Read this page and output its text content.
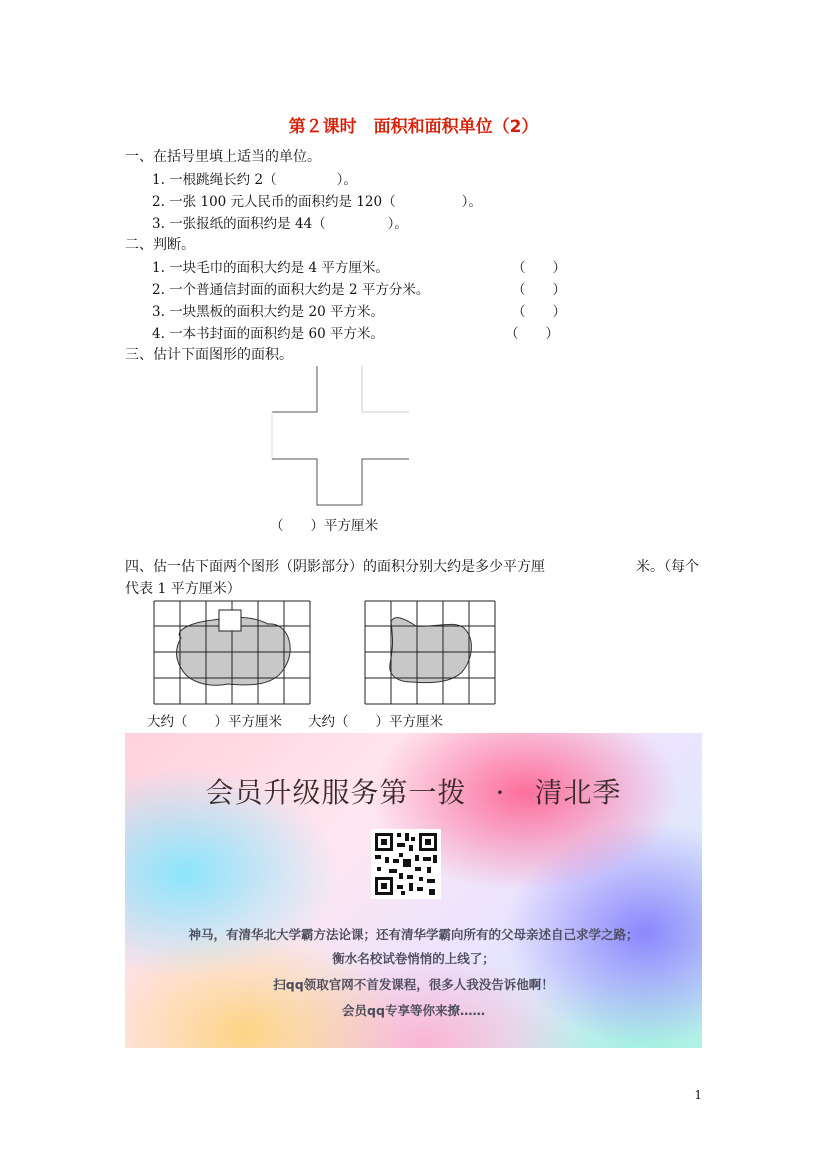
第２课时　面积和面积单位（2）
一、在括号里填上适当的单位。
1. 一根跳绳长约 2（	）。
2. 一张 100 元人民币的面积约是 120（	）。
3. 一张报纸的面积约是 44（	）。
二、判断。
1. 一块毛巾的面积大约是 4 平方厘米。	（　　）
2. 一个普通信封面的面积大约是 2 平方分米。	（　　）
3. 一块黑板的面积大约是 20 平方米。	（　　）
4. 一本书封面的面积约是 60 平方米。	（　　）
三、估计下面图形的面积。
（　　）平方厘米
四、估一估下面两个图形（阴影部分）的面积分别大约是多少平方厘	米。（每个
代表 1 平方厘米）
大约（　　）平方厘米 大约（　　）平方厘米
会员升级服务第一拨　·　清北季
神马，有清华北大学霸方法论课；还有清华学霸向所有的父母亲述自己求学之路；
衡水名校试卷悄悄的上线了；
扫qq领取官网不首发课程，很多人我没告诉他啊！
会员qq专享等你来撩……
1
